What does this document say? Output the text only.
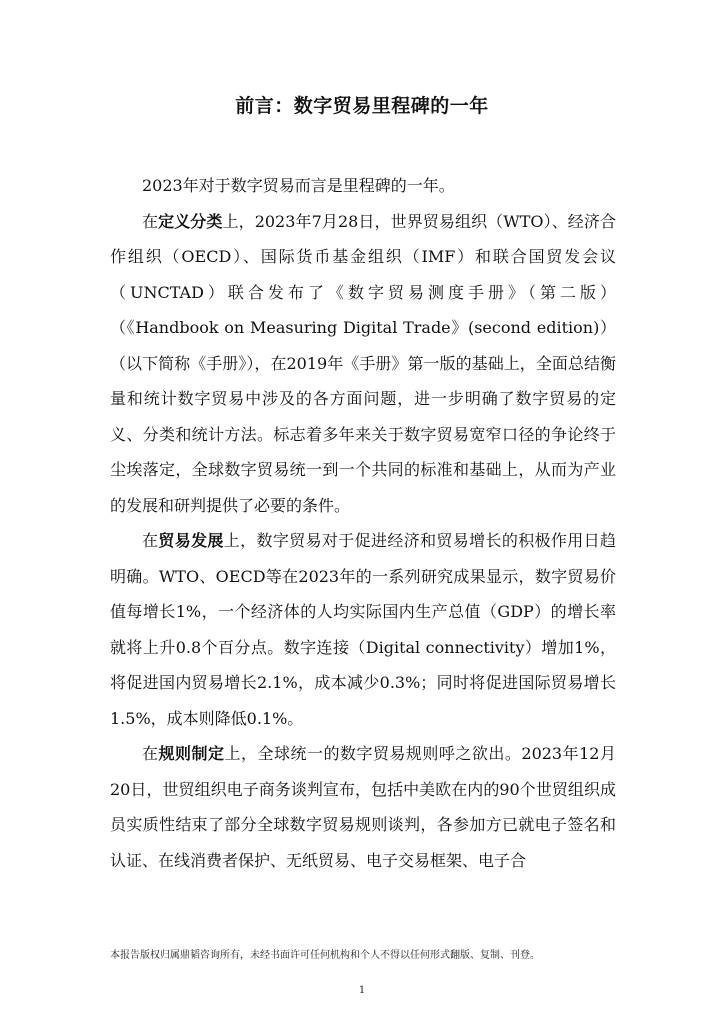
前言：数字贸易里程碑的一年

2023年对于数字贸易而言是里程碑的一年。

在定义分类上，2023年7月28日，世界贸易组织（WTO）、经济合作组织（OECD）、国际货币基金组织（IMF）和联合国贸发会议（UNCTAD）联合发布了《数字贸易测度手册》（第二版）（《Handbook on Measuring Digital Trade》(second edition)）（以下简称《手册》），在2019年《手册》第一版的基础上，全面总结衡量和统计数字贸易中涉及的各方面问题，进一步明确了数字贸易的定义、分类和统计方法。标志着多年来关于数字贸易宽窄口径的争论终于尘埃落定，全球数字贸易统一到一个共同的标准和基础上，从而为产业的发展和研判提供了必要的条件。

在贸易发展上，数字贸易对于促进经济和贸易增长的积极作用日趋明确。WTO、OECD等在2023年的一系列研究成果显示，数字贸易价值每增长1%，一个经济体的人均实际国内生产总值（GDP）的增长率就将上升0.8个百分点。数字连接（Digital connectivity）增加1%，将促进国内贸易增长2.1%，成本减少0.3%；同时将促进国际贸易增长1.5%，成本则降低0.1%。

在规则制定上，全球统一的数字贸易规则呼之欲出。2023年12月20日，世贸组织电子商务谈判宣布，包括中美欧在内的90个世贸组织成员实质性结束了部分全球数字贸易规则谈判，各参加方已就电子签名和认证、在线消费者保护、无纸贸易、电子交易框架、电子合

本报告版权归属鼎韬咨询所有，未经书面许可任何机构和个人不得以任何形式翻版、复制、刊登。
1
